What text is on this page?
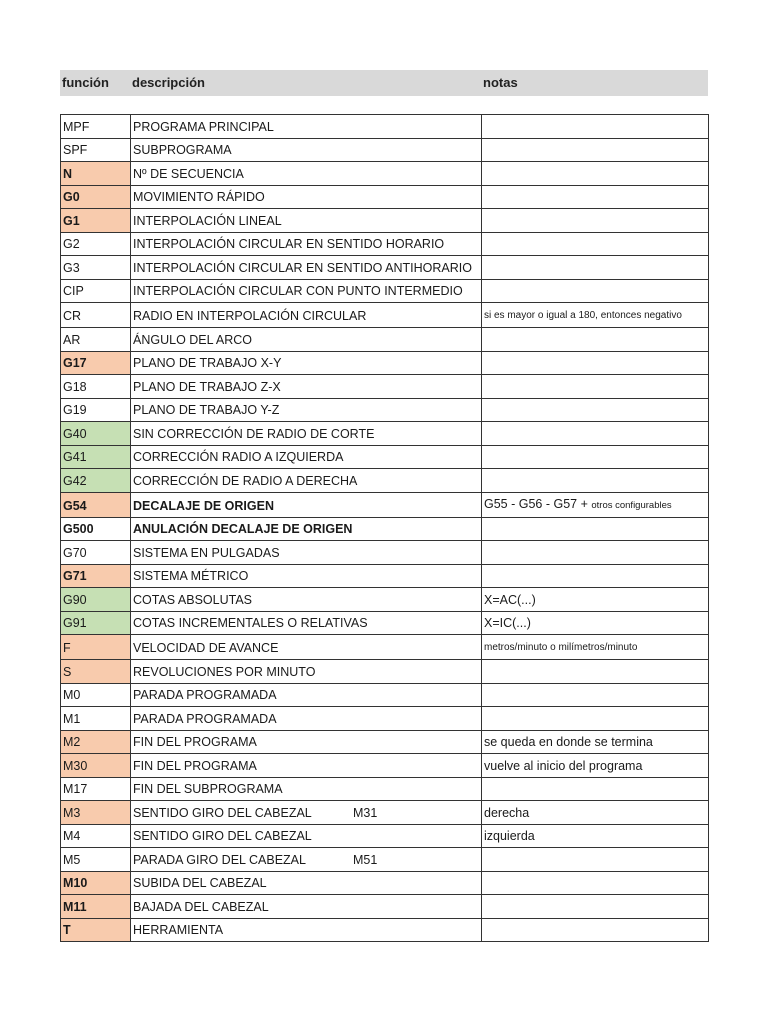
función descripción	notas
MPF	PROGRAMA PRINCIPAL	

SPF	SUBPROGRAMA	

N	Nº DE SECUENCIA	

G0	MOVIMIENTO RÁPIDO	

G1	INTERPOLACIÓN LINEAL	

G2	INTERPOLACIÓN CIRCULAR EN SENTIDO HORARIO	

G3	INTERPOLACIÓN CIRCULAR EN SENTIDO ANTIHORARIO	

CIP	INTERPOLACIÓN CIRCULAR CON PUNTO INTERMEDIO	

CR	RADIO EN INTERPOLACIÓN CIRCULAR	si es mayor o igual a 180, entonces negativo
AR	ÁNGULO DEL ARCO	

G17	PLANO DE TRABAJO X-Y	

G18	PLANO DE TRABAJO Z-X	

G19	PLANO DE TRABAJO Y-Z	

G40	SIN CORRECCIÓN DE RADIO DE CORTE	

G41	CORRECCIÓN RADIO A IZQUIERDA	

G42	CORRECCIÓN DE RADIO A DERECHA	

G54	DECALAJE DE ORIGEN	G55 - G56 - G57 + otros configurables
G500	ANULACIÓN DECALAJE DE ORIGEN	

G70	SISTEMA EN PULGADAS	

G71	SISTEMA MÉTRICO	

G90	COTAS ABSOLUTAS	X=AC(...)
G91	COTAS INCREMENTALES O RELATIVAS	X=IC(...)
F	VELOCIDAD DE AVANCE	metros/minuto o milímetros/minuto
S	REVOLUCIONES POR MINUTO	

M0	PARADA PROGRAMADA	

M1	PARADA PROGRAMADA	

M2	FIN DEL PROGRAMA	se queda en donde se termina
M30	FIN DEL PROGRAMA	vuelve al inicio del programa
M17	FIN DEL SUBPROGRAMA	

M3	SENTIDO GIRO DEL CABEZAL M31	derecha
M4	SENTIDO GIRO DEL CABEZAL	izquierda
M5	PARADA GIRO DEL CABEZAL M51	

M10	SUBIDA DEL CABEZAL	

M11	BAJADA DEL CABEZAL	

T	HERRAMIENTA	
